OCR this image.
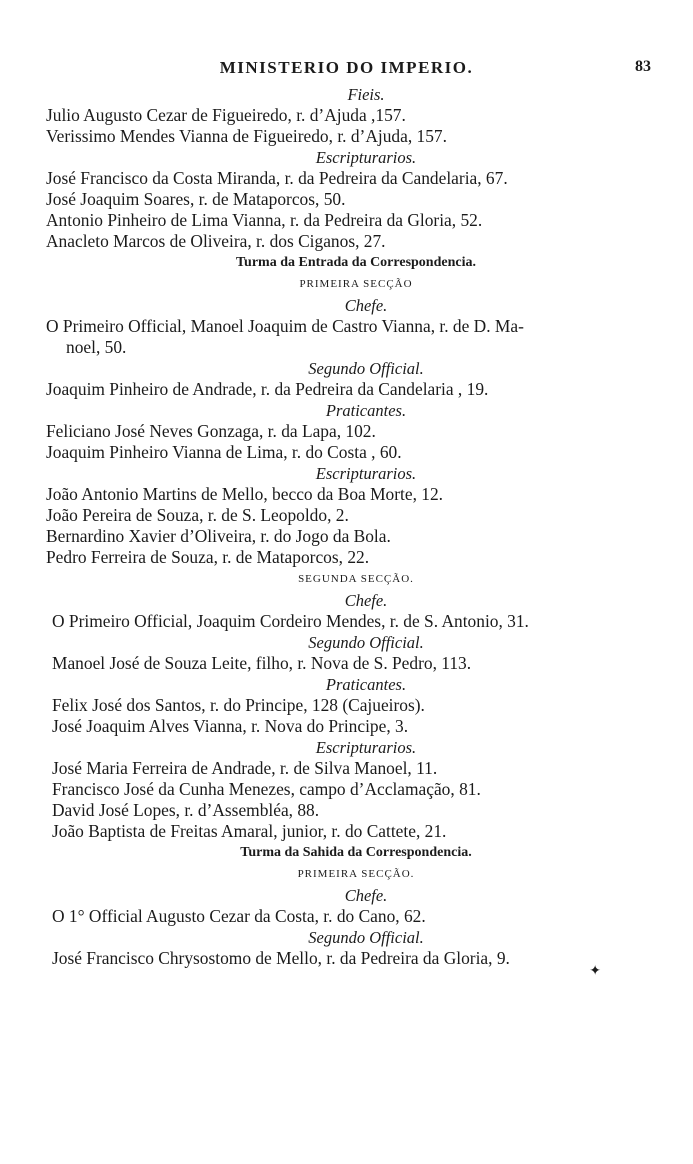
MINISTERIO DO IMPERIO.	83
Fieis.
Julio Augusto Cezar de Figueiredo, r. d’Ajuda ,157.
Verissimo Mendes Vianna de Figueiredo, r. d’Ajuda, 157.
Escripturarios.
José Francisco da Costa Miranda, r. da Pedreira da Candelaria, 67.
José Joaquim Soares, r. de Mataporcos, 50.
Antonio Pinheiro de Lima Vianna, r. da Pedreira da Gloria, 52.
Anacleto Marcos de Oliveira, r. dos Ciganos, 27.
Turma da Entrada da Correspondencia.
PRIMEIRA SECÇÃO
Chefe.
O Primeiro Official, Manoel Joaquim de Castro Vianna, r. de D. Ma-
noel, 50.
Segundo Official.
Joaquim Pinheiro de Andrade, r. da Pedreira da Candelaria , 19.
Praticantes.
Feliciano José Neves Gonzaga, r. da Lapa, 102.
Joaquim Pinheiro Vianna de Lima, r. do Costa , 60.
Escripturarios.
João Antonio Martins de Mello, becco da Boa Morte, 12.
João Pereira de Souza, r. de S. Leopoldo, 2.
Bernardino Xavier d’Oliveira, r. do Jogo da Bola.
Pedro Ferreira de Souza, r. de Mataporcos, 22.
SEGUNDA SECÇÃO.
Chefe.
O Primeiro Official, Joaquim Cordeiro Mendes, r. de S. Antonio, 31.
Segundo Official.
Manoel José de Souza Leite, filho, r. Nova de S. Pedro, 113.
Praticantes.
Felix José dos Santos, r. do Principe, 128 (Cajueiros).
José Joaquim Alves Vianna, r. Nova do Principe, 3.
Escripturarios.
José Maria Ferreira de Andrade, r. de Silva Manoel, 11.
Francisco José da Cunha Menezes, campo d’Acclamação, 81.
David José Lopes, r. d’Assembléa, 88.
João Baptista de Freitas Amaral, junior, r. do Cattete, 21.
Turma da Sahida da Correspondencia.
PRIMEIRA SECÇÃO.
Chefe.
O 1° Official Augusto Cezar da Costa, r. do Cano, 62.
Segundo Official.
José Francisco Chrysostomo de Mello, r. da Pedreira da Gloria, 9.
✦
